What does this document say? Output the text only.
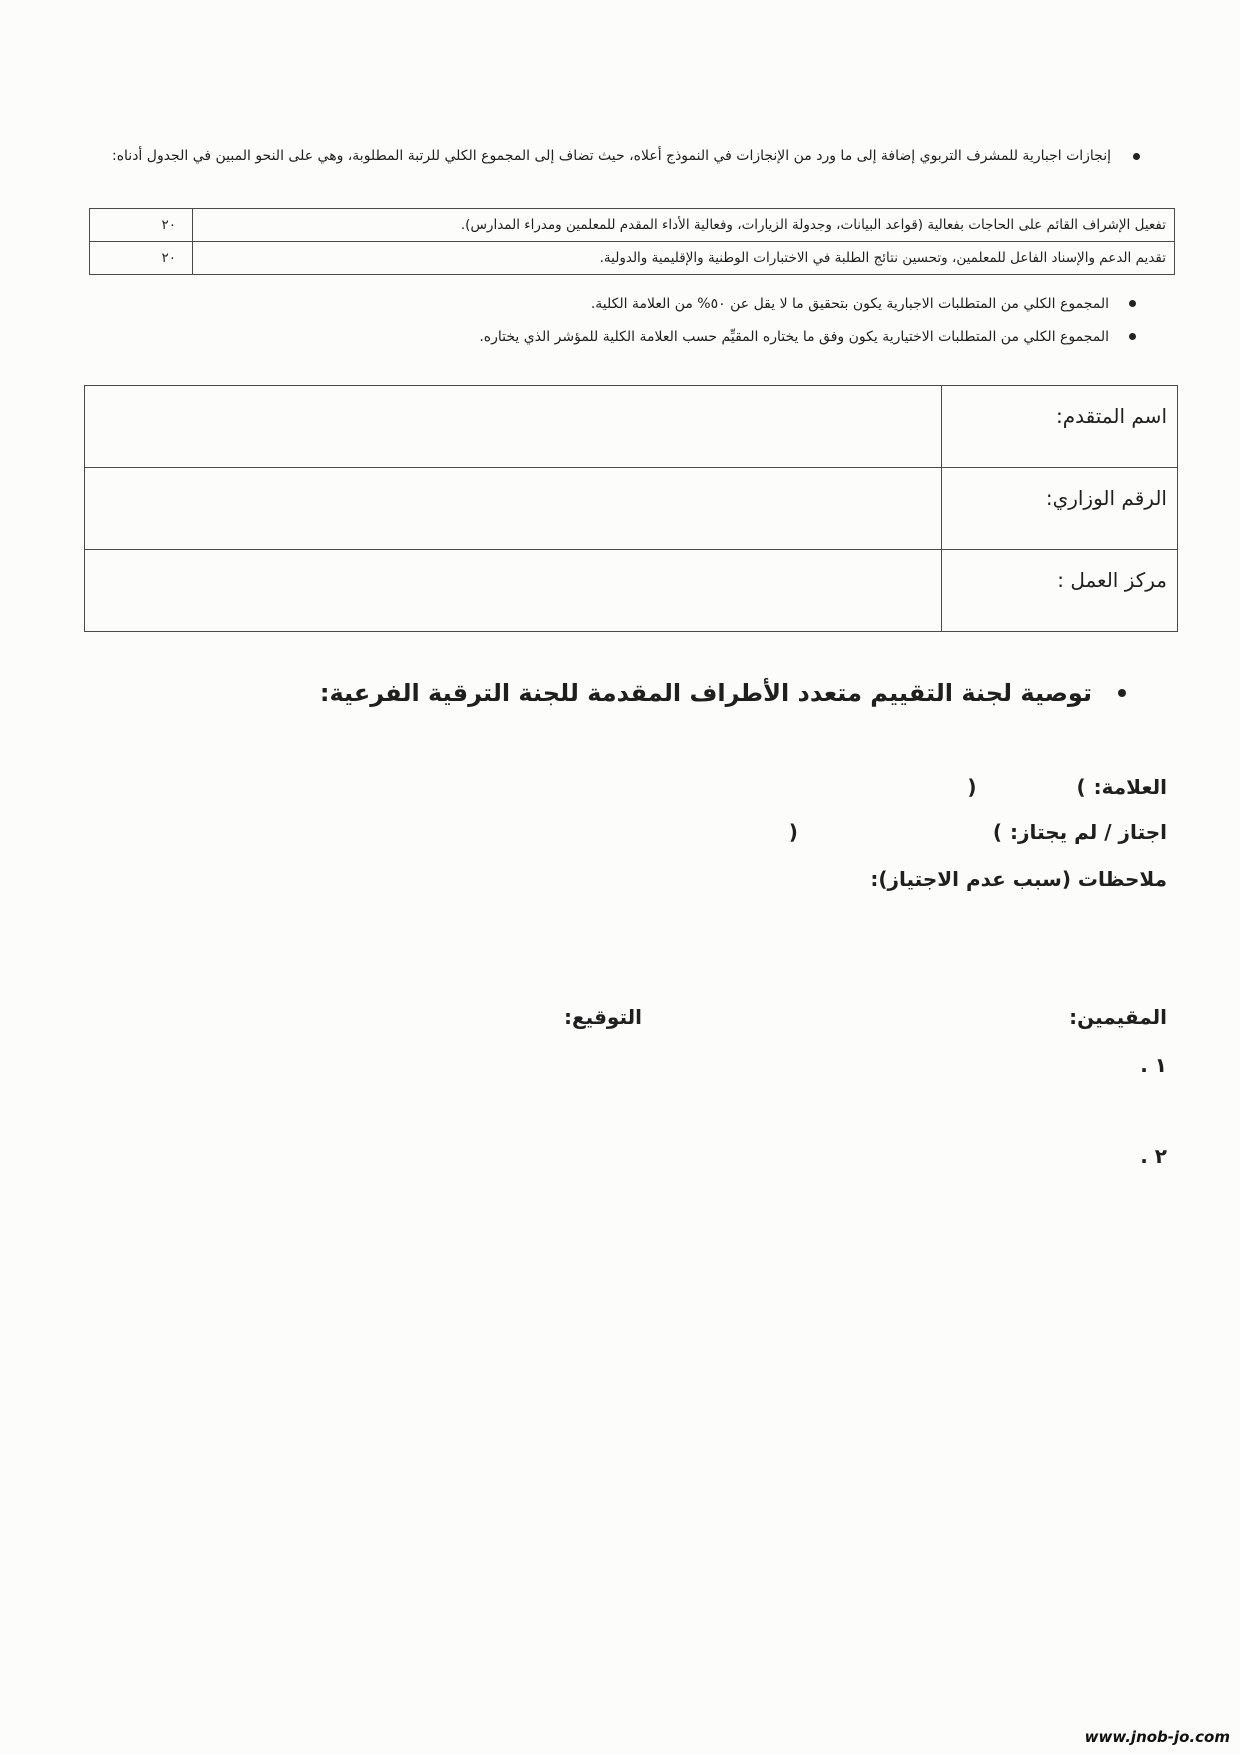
إنجازات اجبارية للمشرف التربوي إضافة إلى ما ورد من الإنجازات في النموذج أعلاه، حيث تضاف إلى المجموع الكلي للرتبة المطلوبة، وهي على النحو المبين في الجدول أدناه:
تفعيل الإشراف القائم على الحاجات بفعالية (قواعد البيانات، وجدولة الزيارات، وفعالية الأداء المقدم للمعلمين ومدراء المدارس).	٢٠
تقديم الدعم والإسناد الفاعل للمعلمين، وتحسين نتائج الطلبة في الاختبارات الوطنية والإقليمية والدولية.	٢٠
المجموع الكلي من المتطلبات الاجبارية يكون بتحقيق ما لا يقل عن ٥٠% من العلامة الكلية.
المجموع الكلي من المتطلبات الاختيارية يكون وفق ما يختاره المقيِّم حسب العلامة الكلية للمؤشر الذي يختاره.
اسم المتقدم:	
الرقم الوزاري:	
مركز العمل :	
توصية لجنة التقييم متعدد الأطراف المقدمة للجنة الترقية الفرعية:
العلامة:
(
)
اجتاز / لم يجتاز:
(
)
ملاحظات (سبب عدم الاجتياز):
المقيمين:
التوقيع:
١ .
٢ .
www.jnob-jo.com
